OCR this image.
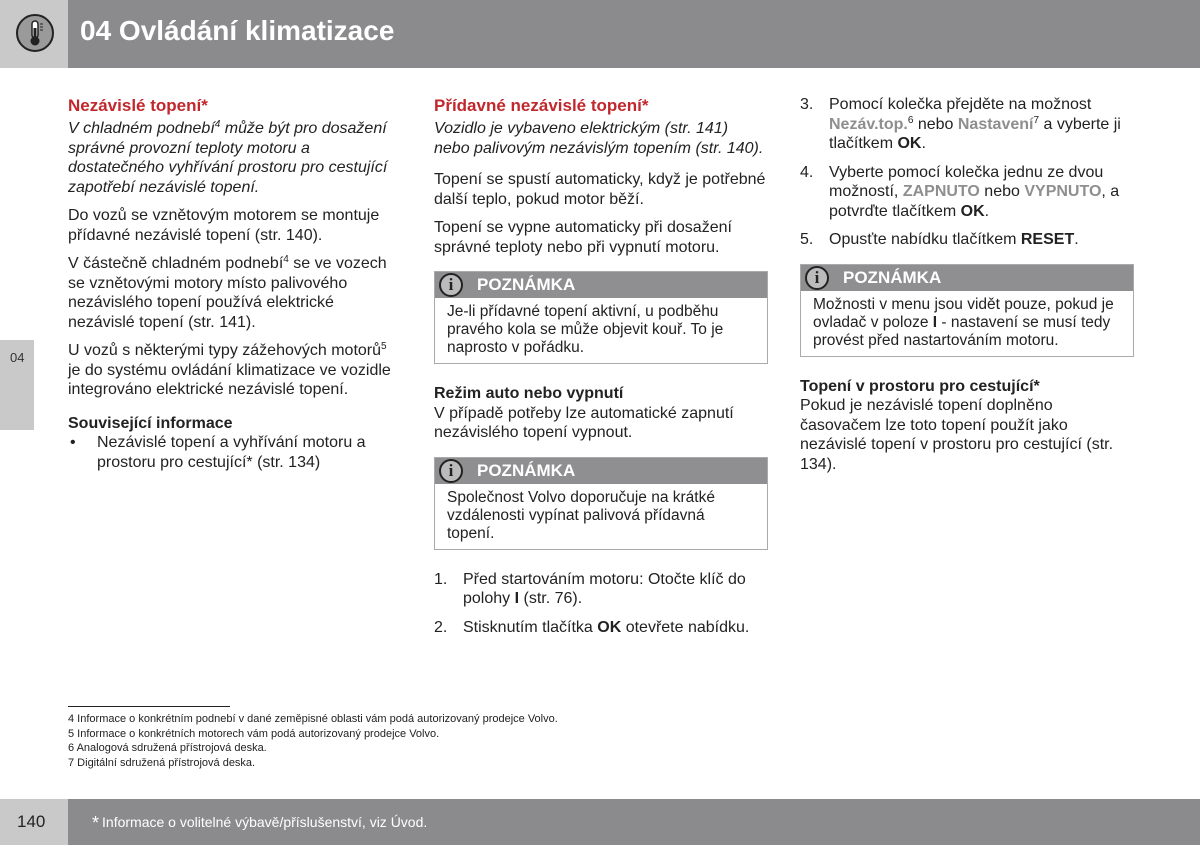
04 Ovládání klimatizace
04
Nezávislé topení*

V chladném podnebí$^4$ může být pro dosažení správné provozní teploty motoru a dostatečného vyhřívání prostoru pro cestující zapotřebí nezávislé topení.

Do vozů se vznětovým motorem se montuje přídavné nezávislé topení (str. 140).

V částečně chladném podnebí$^4$ se ve vozech se vznětovými motory místo palivového nezávislého topení používá elektrické nezávislé topení (str. 141).

U vozů s některými typy zážehových motorů$^5$ je do systému ovládání klimatizace ve vozidle integrováno elektrické nezávislé topení.

Související informace
•	Nezávislé topení a vyhřívání motoru a prostoru pro cestující* (str. 134)
Přídavné nezávislé topení*

Vozidlo je vybaveno elektrickým (str. 141) nebo palivovým nezávislým topením (str. 140).

Topení se spustí automaticky, když je potřebné další teplo, pokud motor běží.

Topení se vypne automaticky při dosažení správné teploty nebo při vypnutí motoru.

i	POZNÁMKA
Je-li přídavné topení aktivní, u podběhu pravého kola se může objevit kouř. To je naprosto v pořádku.
Režim auto nebo vypnutí

V případě potřeby lze automatické zapnutí nezávislého topení vypnout.

i	POZNÁMKA
Společnost Volvo doporučuje na krátké vzdálenosti vypínat palivová přídavná topení.
1. Před startováním motoru: Otočte klíč do polohy I (str. 76).
2. Stisknutím tlačítka OK otevřete nabídku.
3. Pomocí kolečka přejděte na možnost Nezáv.top.$^6$ nebo Nastavení$^7$ a vyberte ji tlačítkem OK.
4. Vyberte pomocí kolečka jednu ze dvou možností, ZAPNUTO nebo VYPNUTO, a potvrďte tlačítkem OK.
5. Opusťte nabídku tlačítkem RESET.
i	POZNÁMKA
Možnosti v menu jsou vidět pouze, pokud je ovladač v poloze I - nastavení se musí tedy provést před nastartováním motoru.
Topení v prostoru pro cestující*

Pokud je nezávislé topení doplněno časovačem lze toto topení použít jako nezávislé topení v prostoru pro cestující (str. 134).

4 Informace o konkrétním podnebí v dané zeměpisné oblasti vám podá autorizovaný prodejce Volvo.
5 Informace o konkrétních motorech vám podá autorizovaný prodejce Volvo.
6 Analogová sdružená přístrojová deska.
7 Digitální sdružená přístrojová deska.
140	* Informace o volitelné výbavě/příslušenství, viz Úvod.
